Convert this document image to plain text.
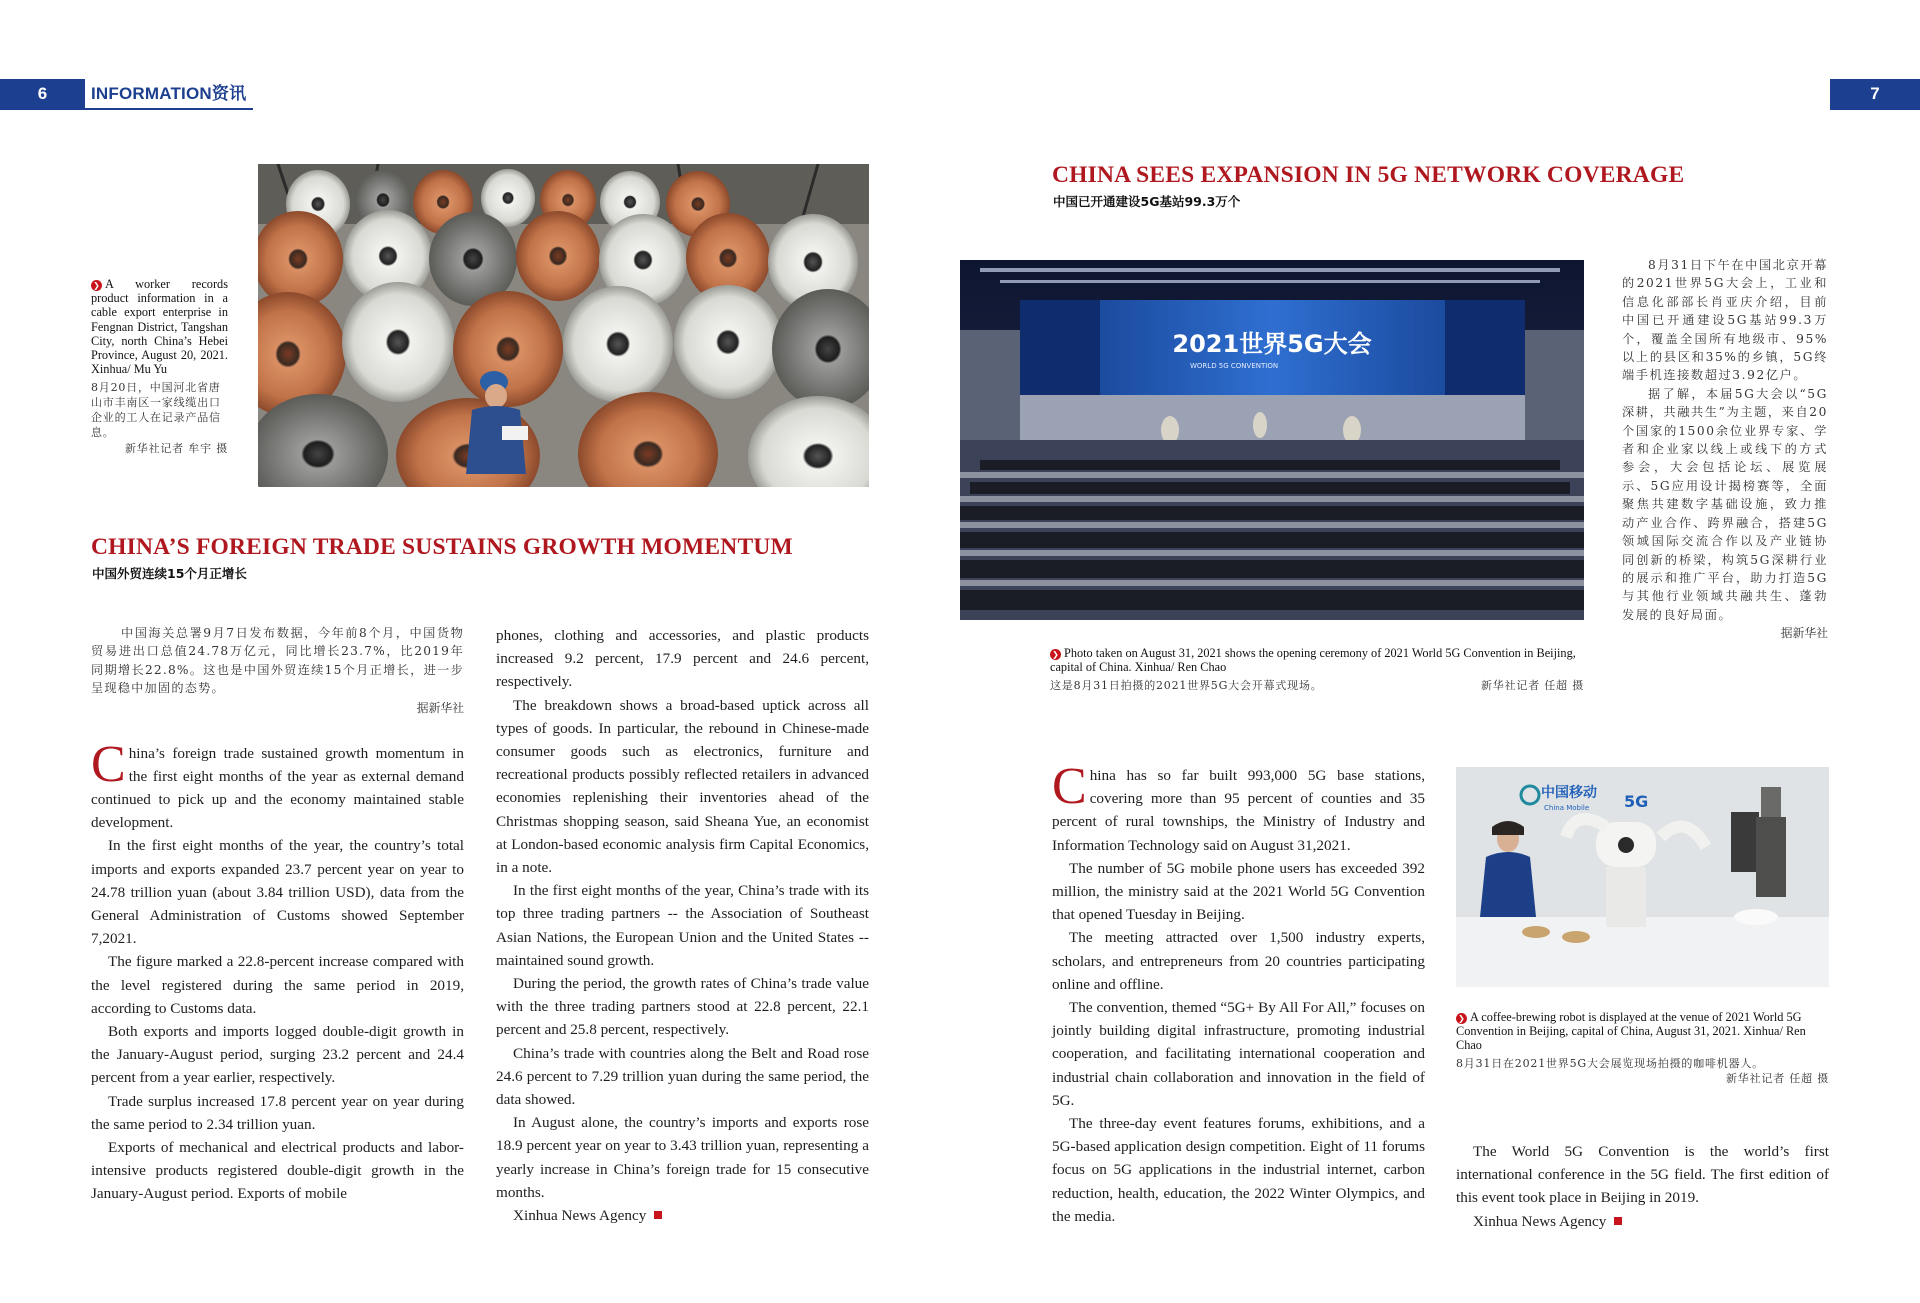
6	INFORMATION资讯
❯ A worker records product information in a cable export enterprise in Fengnan District, Tangshan City, north China’s Hebei Province, August 20, 2021. Xinhua/ Mu Yu
8月20日，中国河北省唐山市丰南区一家线缆出口企业的工人在记录产品信息。
新华社记者 牟宇 摄
CHINA’S FOREIGN TRADE SUSTAINS GROWTH MOMENTUM
中国外贸连续15个月正增长
中国海关总署9月7日发布数据，今年前8个月，中国货物贸易进出口总值24.78万亿元，同比增长23.7%，比2019年同期增长22.8%。这也是中国外贸连续15个月正增长，进一步呈现稳中加固的态势。
据新华社

China’s foreign trade sustained growth momentum in the first eight months of the year as external demand continued to pick up and the economy maintained stable development.

In the first eight months of the year, the country’s total imports and exports expanded 23.7 percent year on year to 24.78 trillion yuan (about 3.84 trillion USD), data from the General Administration of Customs showed September 7,2021.

The figure marked a 22.8-percent increase compared with the level registered during the same period in 2019, according to Customs data.

Both exports and imports logged double-digit growth in the January-August period, surging 23.2 percent and 24.4 percent from a year earlier, respectively.

Trade surplus increased 17.8 percent year on year during the same period to 2.34 trillion yuan.

Exports of mechanical and electrical products and labor-intensive products registered double-digit growth in the January-August period. Exports of mobile

phones, clothing and accessories, and plastic products increased 9.2 percent, 17.9 percent and 24.6 percent, respectively.

The breakdown shows a broad-based uptick across all types of goods. In particular, the rebound in Chinese-made consumer goods such as electronics, furniture and recreational products possibly reflected retailers in advanced economies replenishing their inventories ahead of the Christmas shopping season, said Sheana Yue, an economist at London-based economic analysis firm Capital Economics, in a note.

In the first eight months of the year, China’s trade with its top three trading partners -- the Association of Southeast Asian Nations, the European Union and the United States -- maintained sound growth.

During the period, the growth rates of China’s trade value with the three trading partners stood at 22.8 percent, 22.1 percent and 25.8 percent, respectively.

China’s trade with countries along the Belt and Road rose 24.6 percent to 7.29 trillion yuan during the same period, the data showed.

In August alone, the country’s imports and exports rose 18.9 percent year on year to 3.43 trillion yuan, representing a yearly increase in China’s foreign trade for 15 consecutive months.

Xinhua News Agency
7
CHINA SEES EXPANSION IN 5G NETWORK COVERAGE
中国已开通建设5G基站99.3万个
2021世界5G大会
WORLD 5G CONVENTION
❯ Photo taken on August 31, 2021 shows the opening ceremony of 2021 World 5G Convention in Beijing, capital of China. Xinhua/ Ren Chao
这是8月31日拍摄的2021世界5G大会开幕式现场。	新华社记者 任超 摄
8月31日下午在中国北京开幕的2021世界5G大会上，工业和信息化部部长肖亚庆介绍，目前中国已开通建设5G基站99.3万个，覆盖全国所有地级市、95%以上的县区和35%的乡镇，5G终端手机连接数超过3.92亿户。
据了解，本届5G大会以“5G深耕，共融共生”为主题，来自20个国家的1500余位业界专家、学者和企业家以线上或线下的方式参会，大会包括论坛、展览展示、5G应用设计揭榜赛等，全面聚焦共建数字基础设施，致力推动产业合作、跨界融合，搭建5G领域国际交流合作以及产业链协同创新的桥梁，构筑5G深耕行业的展示和推广平台，助力打造5G与其他行业领域共融共生、蓬勃发展的良好局面。
据新华社

China has so far built 993,000 5G base stations, covering more than 95 percent of counties and 35 percent of rural townships, the Ministry of Industry and Information Technology said on August 31,2021.

The number of 5G mobile phone users has exceeded 392 million, the ministry said at the 2021 World 5G Convention that opened Tuesday in Beijing.

The meeting attracted over 1,500 industry experts, scholars, and entrepreneurs from 20 countries participating online and offline.

The convention, themed “5G+ By All For All,” focuses on jointly building digital infrastructure, promoting industrial cooperation, and facilitating international cooperation and industrial chain collaboration and innovation in the field of 5G.

The three-day event features forums, exhibitions, and a 5G-based application design competition. Eight of 11 forums focus on 5G applications in the industrial internet, carbon reduction, health, education, the 2022 Winter Olympics, and the media.

中国移动
China Mobile 5G
❯ A coffee-brewing robot is displayed at the venue of 2021 World 5G Convention in Beijing, capital of China, August 31, 2021. Xinhua/ Ren Chao
8月31日在2021世界5G大会展览现场拍摄的咖啡机器人。
新华社记者 任超 摄

The World 5G Convention is the world’s first international conference in the 5G field. The first edition of this event took place in Beijing in 2019.

Xinhua News Agency
